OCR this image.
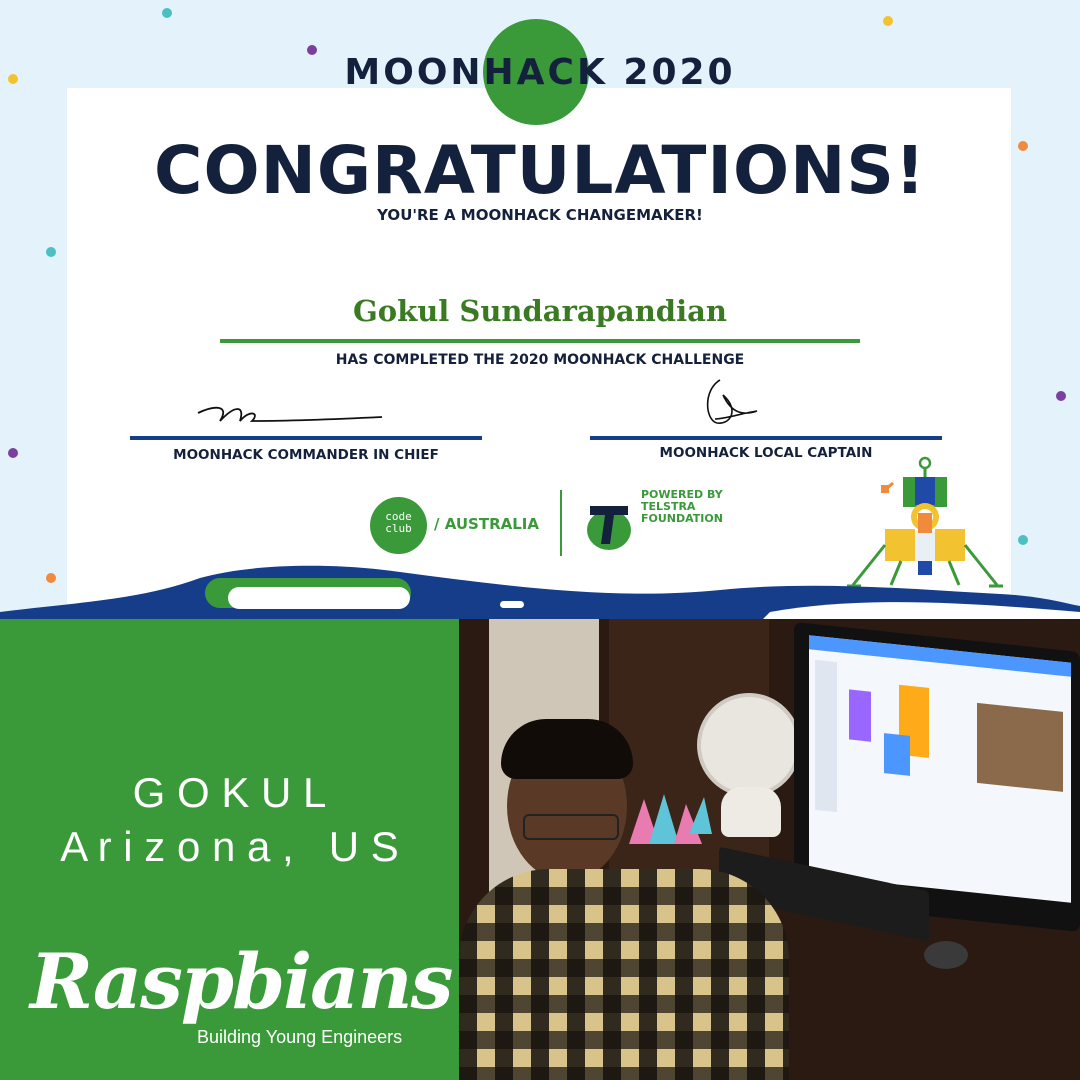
MOONHACK 2020
CONGRATULATIONS!
YOU'RE A MOONHACK CHANGEMAKER!
Gokul Sundarapandian
HAS COMPLETED THE 2020 MOONHACK CHALLENGE
MOONHACK COMMANDER IN CHIEF	MOONHACK LOCAL CAPTAIN
code
club	/ AUSTRALIA
POWERED BY
TELSTRA
FOUNDATION
G O K U L
A r i z o n a ,   U S
Raspbians
Building Young Engineers
